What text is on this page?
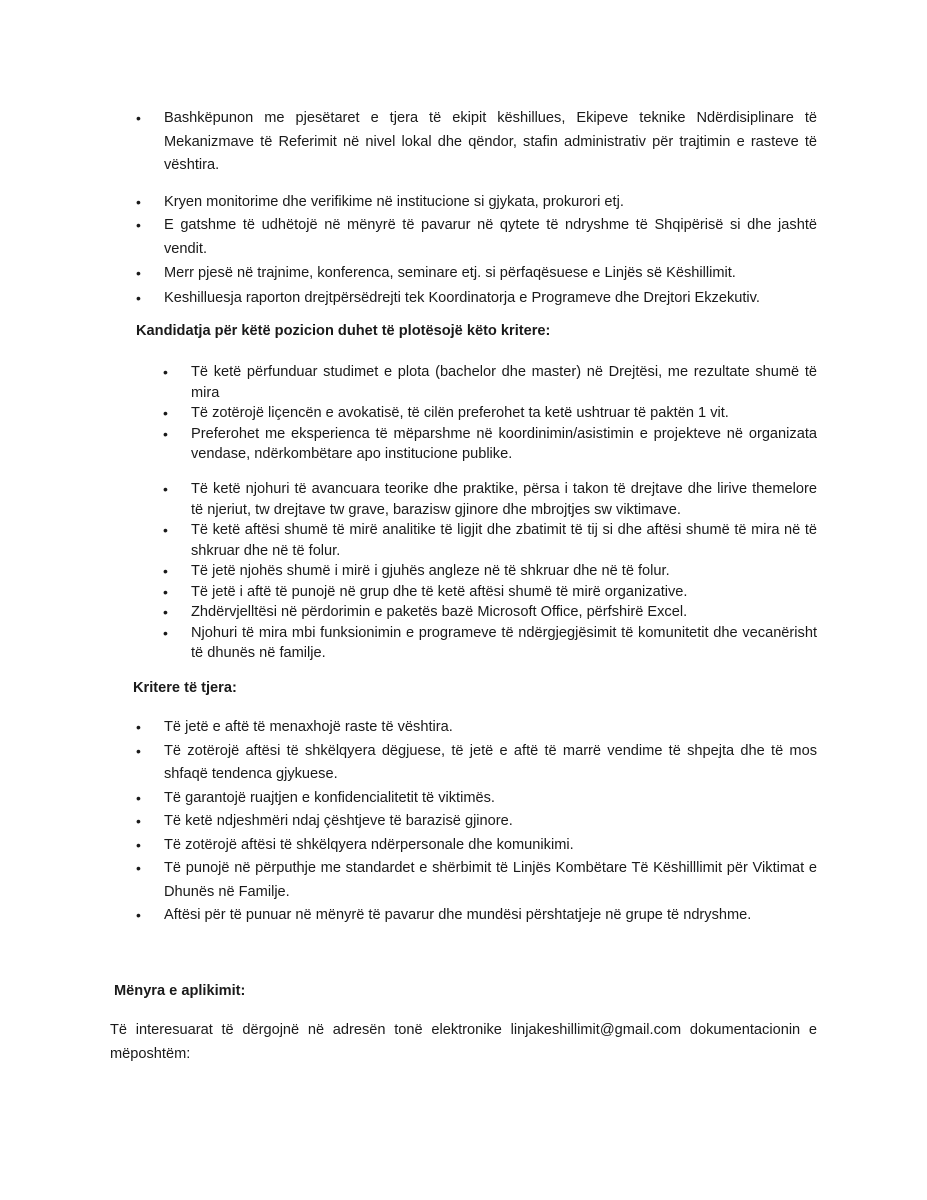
• Bashkëpunon me pjesëtaret e tjera të ekipit këshillues, Ekipeve teknike Ndërdisiplinare të Mekanizmave të Referimit në nivel lokal dhe qëndor, stafin administrativ për trajtimin e rasteve të vështira.
• Kryen monitorime dhe verifikime në institucione si gjykata, prokurori etj.
• E gatshme të udhëtojë në mënyrë të pavarur në qytete të ndryshme të Shqipërisë si dhe jashtë vendit.
• Merr pjesë në trajnime, konferenca, seminare etj. si përfaqësuese e Linjës së Këshillimit.
• Keshilluesja raporton drejtpërsëdrejti tek Koordinatorja e Programeve dhe Drejtori Ekzekutiv.
Kandidatja për këtë pozicion duhet të plotësojë këto kritere:
• Të ketë përfunduar studimet e plota (bachelor dhe master) në Drejtësi, me rezultate shumë të mira
• Të zotërojë liçencën e avokatisë, të cilën preferohet ta ketë ushtruar të paktën 1 vit.
• Preferohet me eksperienca të mëparshme në koordinimin/asistimin e projekteve në organizata vendase, ndërkombëtare apo institucione publike.
• Të ketë njohuri të avancuara teorike dhe praktike, përsa i takon të drejtave dhe lirive themelore të njeriut, tw drejtave tw grave, barazisw gjinore dhe mbrojtjes sw viktimave.
• Të ketë aftësi shumë të mirë analitike të ligjit dhe zbatimit të tij si dhe aftësi shumë të mira në të shkruar dhe në të folur.
• Të jetë njohës shumë i mirë i gjuhës angleze në të shkruar dhe në të folur.
• Të jetë i aftë të punojë në grup dhe të ketë aftësi shumë të mirë organizative.
• Zhdërvjelltësi në përdorimin e paketës bazë Microsoft Office, përfshirë Excel.
• Njohuri të mira mbi funksionimin e programeve të ndërgjegjësimit të komunitetit dhe vecanërisht të dhunës në familje.
Kritere të tjera:
• Të jetë e aftë të menaxhojë raste të vështira.
• Të zotërojë aftësi të shkëlqyera dëgjuese, të jetë e aftë të marrë vendime të shpejta dhe të mos shfaqë tendenca gjykuese.
• Të garantojë ruajtjen e konfidencialitetit të viktimës.
• Të ketë ndjeshmëri ndaj çështjeve të barazisë gjinore.
• Të zotërojë aftësi të shkëlqyera ndërpersonale dhe komunikimi.
• Të punojë në përputhje me standardet e shërbimit të Linjës Kombëtare Të Këshilllimit për Viktimat e Dhunës në Familje.
• Aftësi për të punuar në mënyrë të pavarur dhe mundësi përshtatjeje në grupe të ndryshme.
Mënyra e aplikimit:
Të interesuarat të dërgojnë në adresën tonë elektronike linjakeshillimit@gmail.com dokumentacionin e mëposhtëm:
